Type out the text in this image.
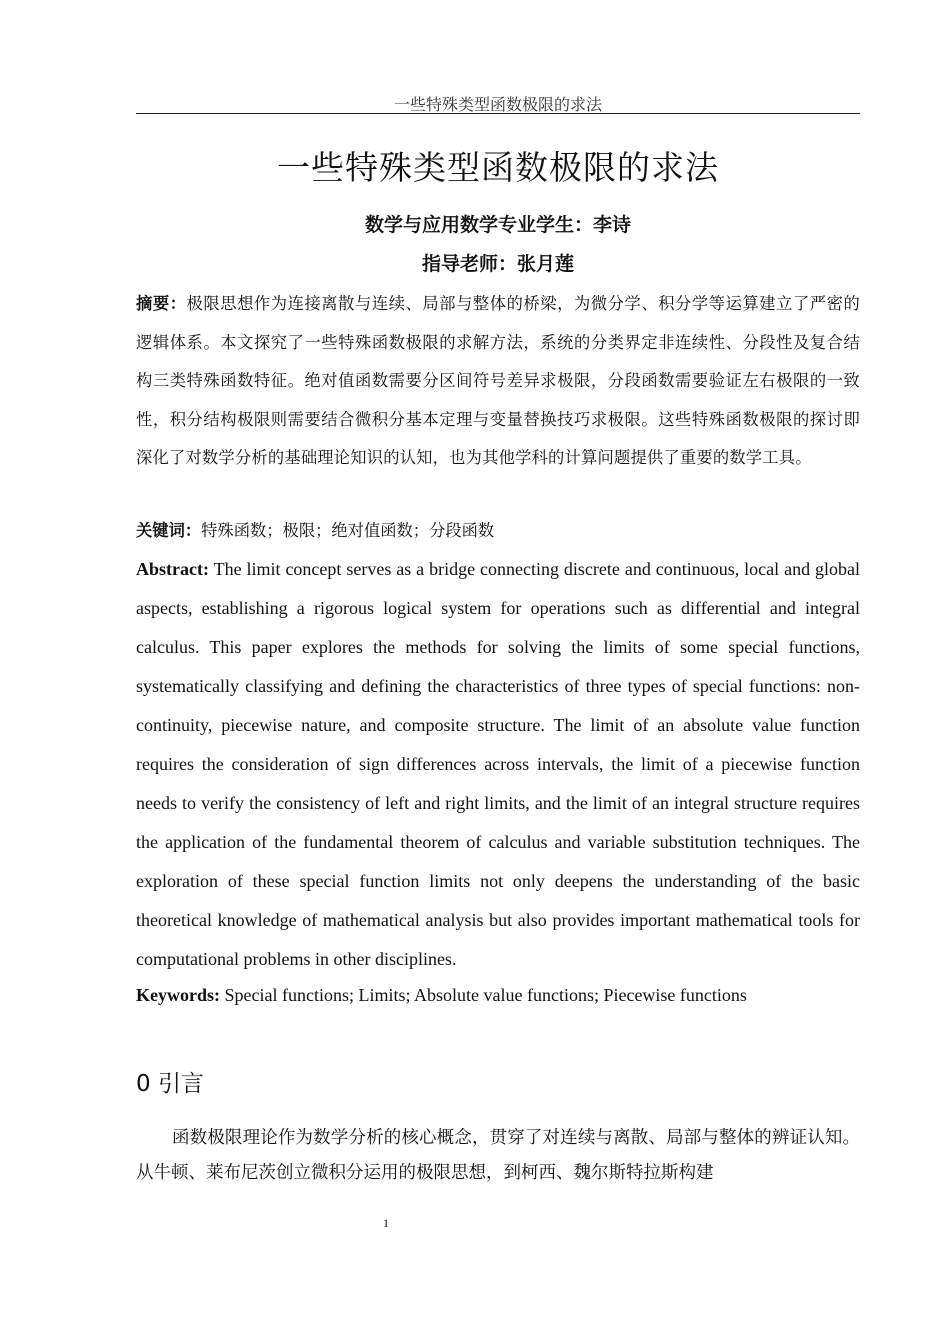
一些特殊类型函数极限的求法
一些特殊类型函数极限的求法
数学与应用数学专业学生：李诗
指导老师：张月莲
摘要：极限思想作为连接离散与连续、局部与整体的桥梁，为微分学、积分学等运算建立了严密的逻辑体系。本文探究了一些特殊函数极限的求解方法，系统的分类界定非连续性、分段性及复合结构三类特殊函数特征。绝对值函数需要分区间符号差异求极限，分段函数需要验证左右极限的一致性，积分结构极限则需要结合微积分基本定理与变量替换技巧求极限。这些特殊函数极限的探讨即深化了对数学分析的基础理论知识的认知，也为其他学科的计算问题提供了重要的数学工具。
关键词：特殊函数；极限；绝对值函数；分段函数
Abstract: The limit concept serves as a bridge connecting discrete and continuous, local and global aspects, establishing a rigorous logical system for operations such as differential and integral calculus. This paper explores the methods for solving the limits of some special functions, systematically classifying and defining the characteristics of three types of special functions: non-continuity, piecewise nature, and composite structure. The limit of an absolute value function requires the consideration of sign differences across intervals, the limit of a piecewise function needs to verify the consistency of left and right limits, and the limit of an integral structure requires the application of the fundamental theorem of calculus and variable substitution techniques. The exploration of these special function limits not only deepens the understanding of the basic theoretical knowledge of mathematical analysis but also provides important mathematical tools for computational problems in other disciplines.
Keywords: Special functions; Limits; Absolute value functions; Piecewise functions
0 引言
函数极限理论作为数学分析的核心概念，贯穿了对连续与离散、局部与整体的辨证认知。从牛顿、莱布尼茨创立微积分运用的极限思想，到柯西、魏尔斯特拉斯构建
1
